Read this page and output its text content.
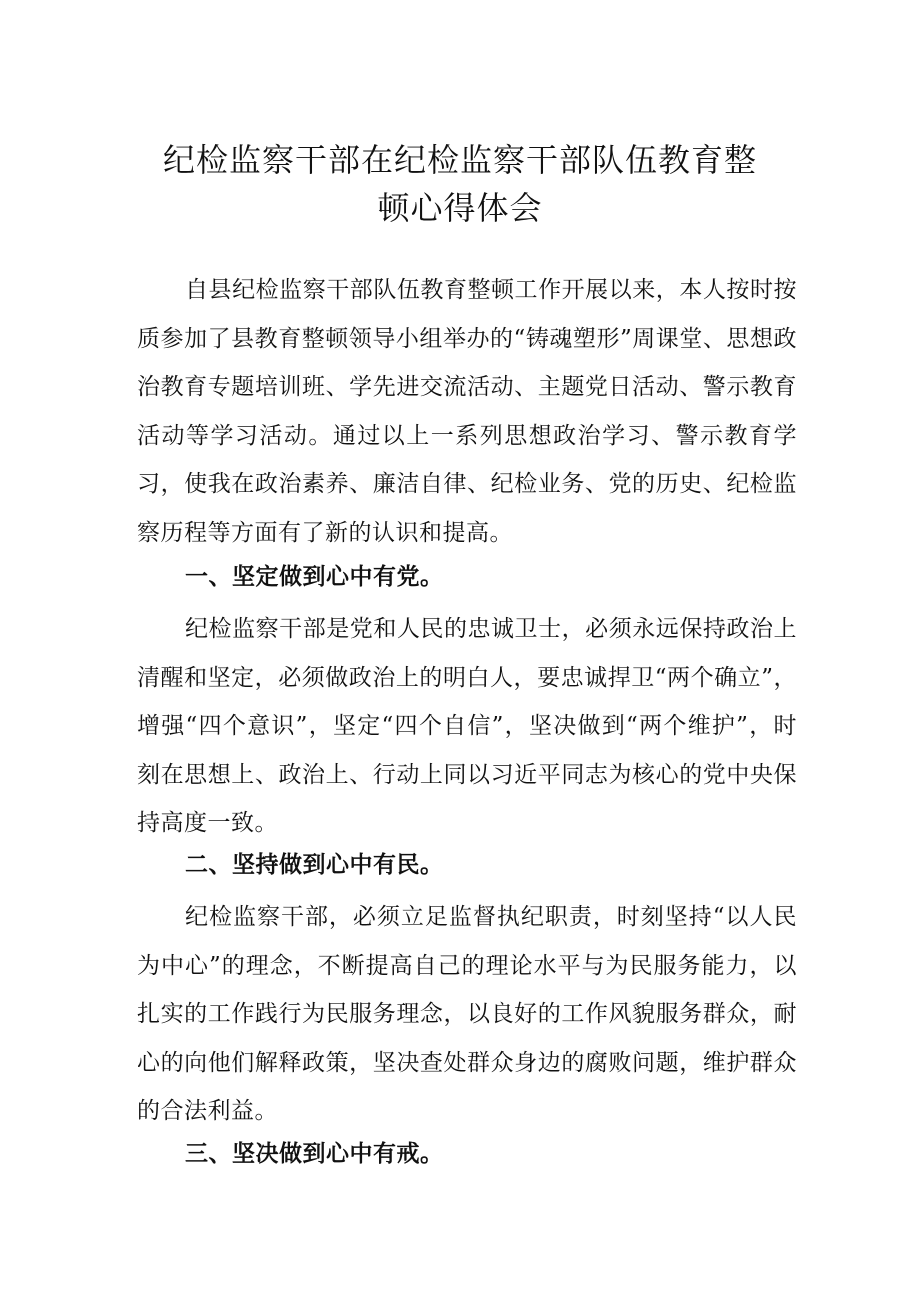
纪检监察干部在纪检监察干部队伍教育整
顿心得体会

自县纪检监察干部队伍教育整顿工作开展以来，本人按时按质参加了县教育整顿领导小组举办的“铸魂塑形”周课堂、思想政治教育专题培训班、学先进交流活动、主题党日活动、警示教育活动等学习活动。通过以上一系列思想政治学习、警示教育学习，使我在政治素养、廉洁自律、纪检业务、党的历史、纪检监察历程等方面有了新的认识和提高。

一、坚定做到心中有党。

纪检监察干部是党和人民的忠诚卫士，必须永远保持政治上清醒和坚定，必须做政治上的明白人，要忠诚捍卫“两个确立”，增强“四个意识”，坚定“四个自信”，坚决做到“两个维护”，时刻在思想上、政治上、行动上同以习近平同志为核心的党中央保持高度一致。

二、坚持做到心中有民。

纪检监察干部，必须立足监督执纪职责，时刻坚持“以人民为中心”的理念，不断提高自己的理论水平与为民服务能力，以扎实的工作践行为民服务理念，以良好的工作风貌服务群众，耐心的向他们解释政策，坚决查处群众身边的腐败问题，维护群众的合法利益。

三、坚决做到心中有戒。
